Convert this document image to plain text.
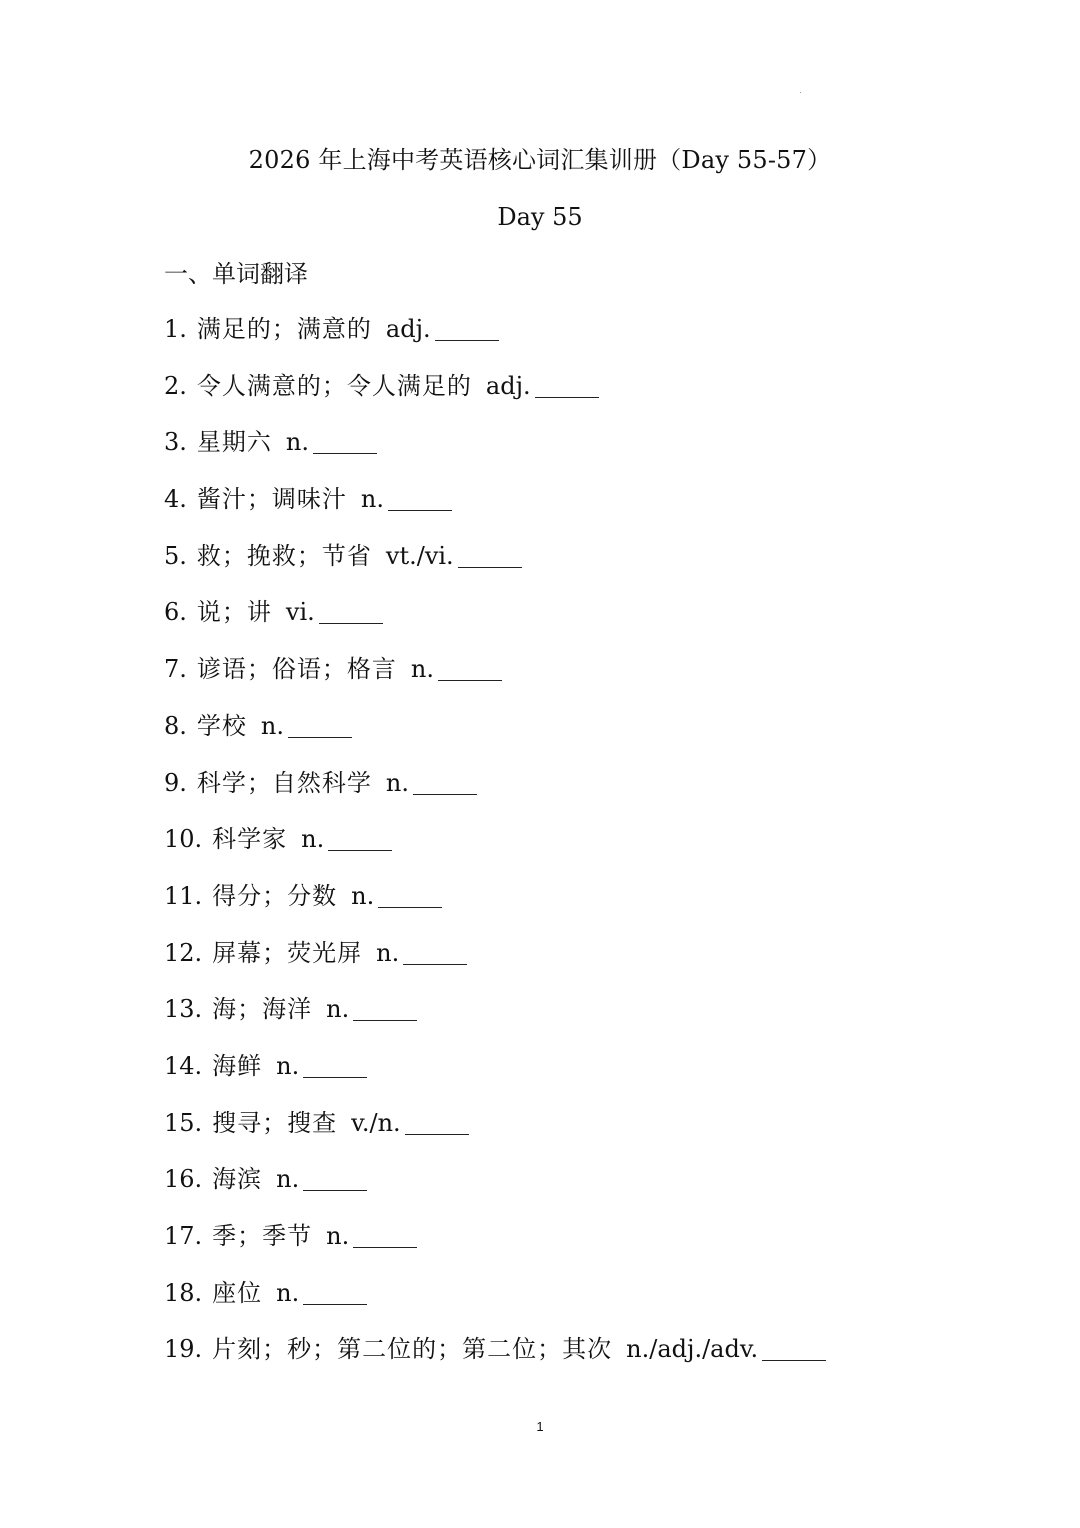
2026 年上海中考英语核心词汇集训册（Day 55-57）
Day 55
一、单词翻译
1. 满足的；满意的 adj.
2. 令人满意的；令人满足的 adj.
3. 星期六 n.
4. 酱汁；调味汁 n.
5. 救；挽救；节省 vt./vi.
6. 说；讲 vi.
7. 谚语；俗语；格言 n.
8. 学校 n.
9. 科学；自然科学 n.
10. 科学家 n.
11. 得分；分数 n.
12. 屏幕；荧光屏 n.
13. 海；海洋 n.
14. 海鲜 n.
15. 搜寻；搜查 v./n.
16. 海滨 n.
17. 季；季节 n.
18. 座位 n.
19. 片刻；秒；第二位的；第二位；其次 n./adj./adv.
1
